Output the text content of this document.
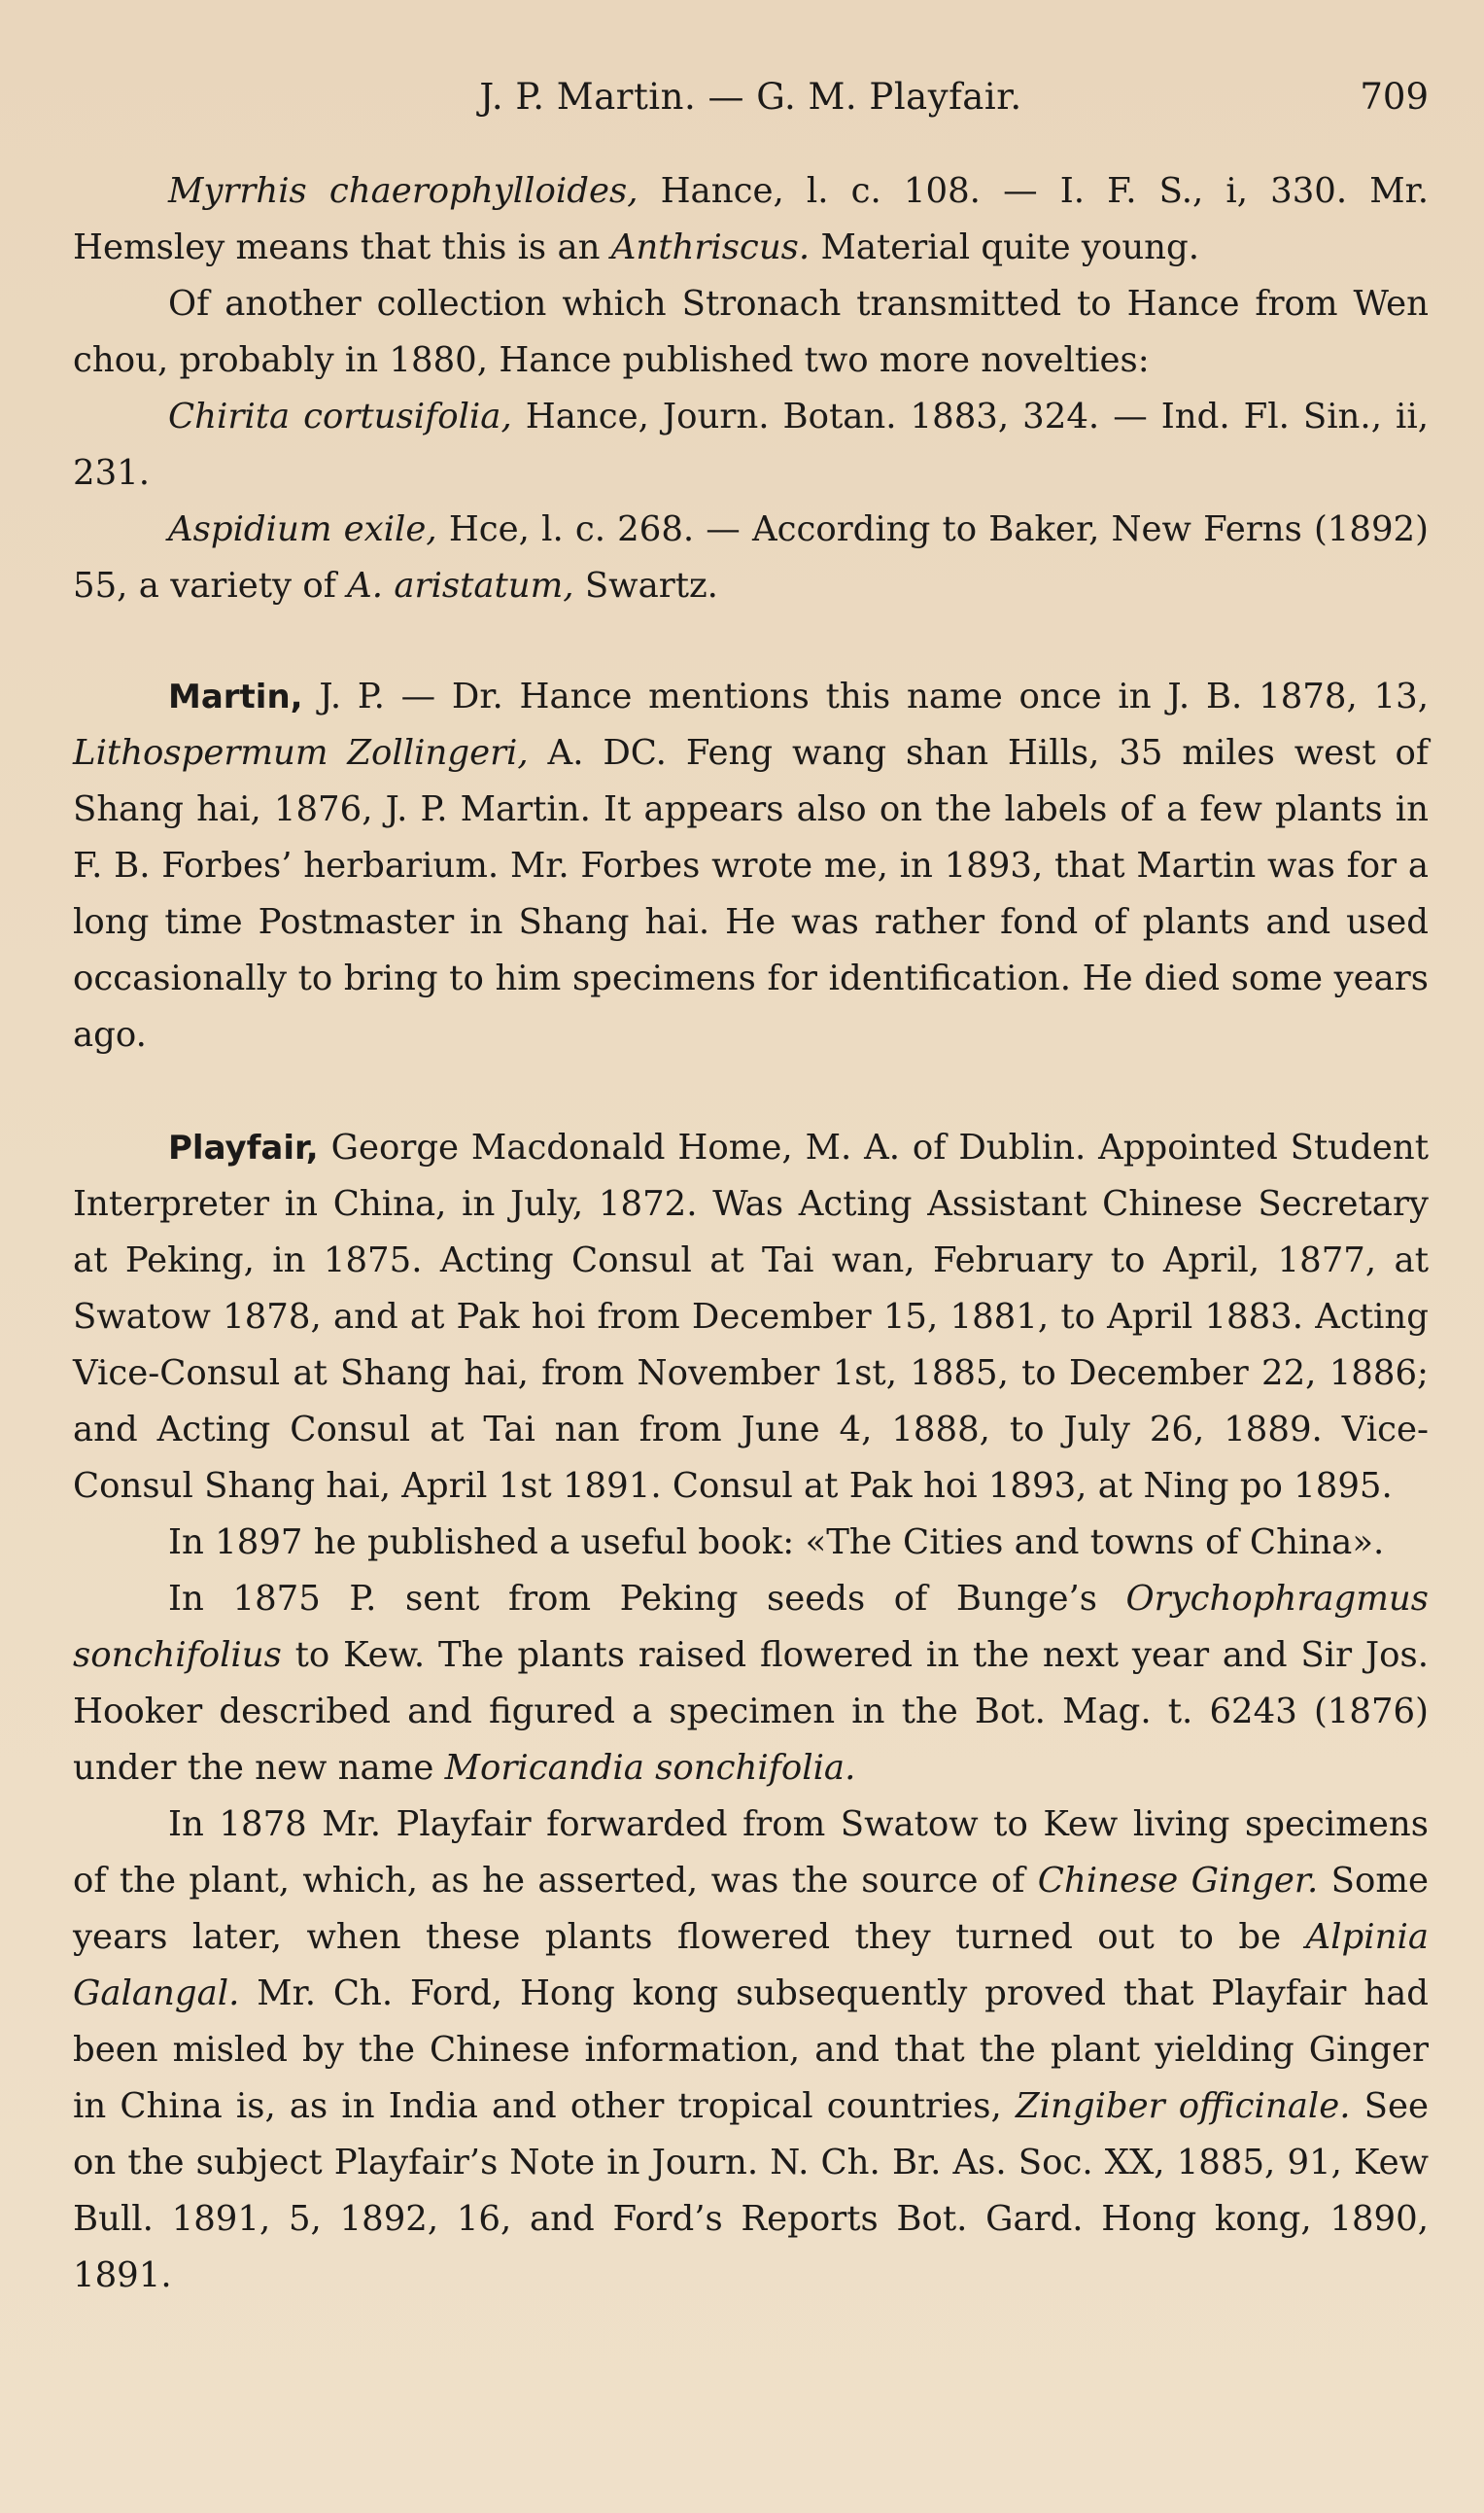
J. P. Martin. — G. M. Playfair.	709

Myrrhis chaerophylloides, Hance, l. c. 108. — I. F. S., i, 330. Mr. Hemsley means that this is an Anthriscus. Material quite young.

Of another collection which Stronach transmitted to Hance from Wen chou, probably in 1880, Hance published two more novelties:

Chirita cortusifolia, Hance, Journ. Botan. 1883, 324. — Ind. Fl. Sin., ii, 231.

Aspidium exile, Hce, l. c. 268. — According to Baker, New Ferns (1892) 55, a variety of A. aristatum, Swartz.

Martin, J. P. — Dr. Hance mentions this name once in J. B. 1878, 13, Lithospermum Zollingeri, A. DC. Feng wang shan Hills, 35 miles west of Shang hai, 1876, J. P. Martin. It appears also on the labels of a few plants in F. B. Forbes’ herbarium. Mr. Forbes wrote me, in 1893, that Martin was for a long time Postmaster in Shang hai. He was rather fond of plants and used occasionally to bring to him specimens for identification. He died some years ago.

Playfair, George Macdonald Home, M. A. of Dublin. Appointed Student Interpreter in China, in July, 1872. Was Acting Assistant Chinese Secretary at Peking, in 1875. Acting Consul at Tai wan, February to April, 1877, at Swatow 1878, and at Pak hoi from December 15, 1881, to April 1883. Acting Vice-Consul at Shang hai, from November 1st, 1885, to December 22, 1886; and Acting Consul at Tai nan from June 4, 1888, to July 26, 1889. Vice-Consul Shang hai, April 1st 1891. Consul at Pak hoi 1893, at Ning po 1895.

In 1897 he published a useful book: «The Cities and towns of China».

In 1875 P. sent from Peking seeds of Bunge’s Orychophragmus sonchifolius to Kew. The plants raised flowered in the next year and Sir Jos. Hooker described and figured a specimen in the Bot. Mag. t. 6243 (1876) under the new name Moricandia sonchifolia.

In 1878 Mr. Playfair forwarded from Swatow to Kew living specimens of the plant, which, as he asserted, was the source of Chinese Ginger. Some years later, when these plants flowered they turned out to be Alpinia Galangal. Mr. Ch. Ford, Hong kong subsequently proved that Playfair had been misled by the Chinese information, and that the plant yielding Ginger in China is, as in India and other tropical countries, Zingiber officinale. See on the subject Playfair’s Note in Journ. N. Ch. Br. As. Soc. XX, 1885, 91, Kew Bull. 1891, 5, 1892, 16, and Ford’s Reports Bot. Gard. Hong kong, 1890, 1891.
